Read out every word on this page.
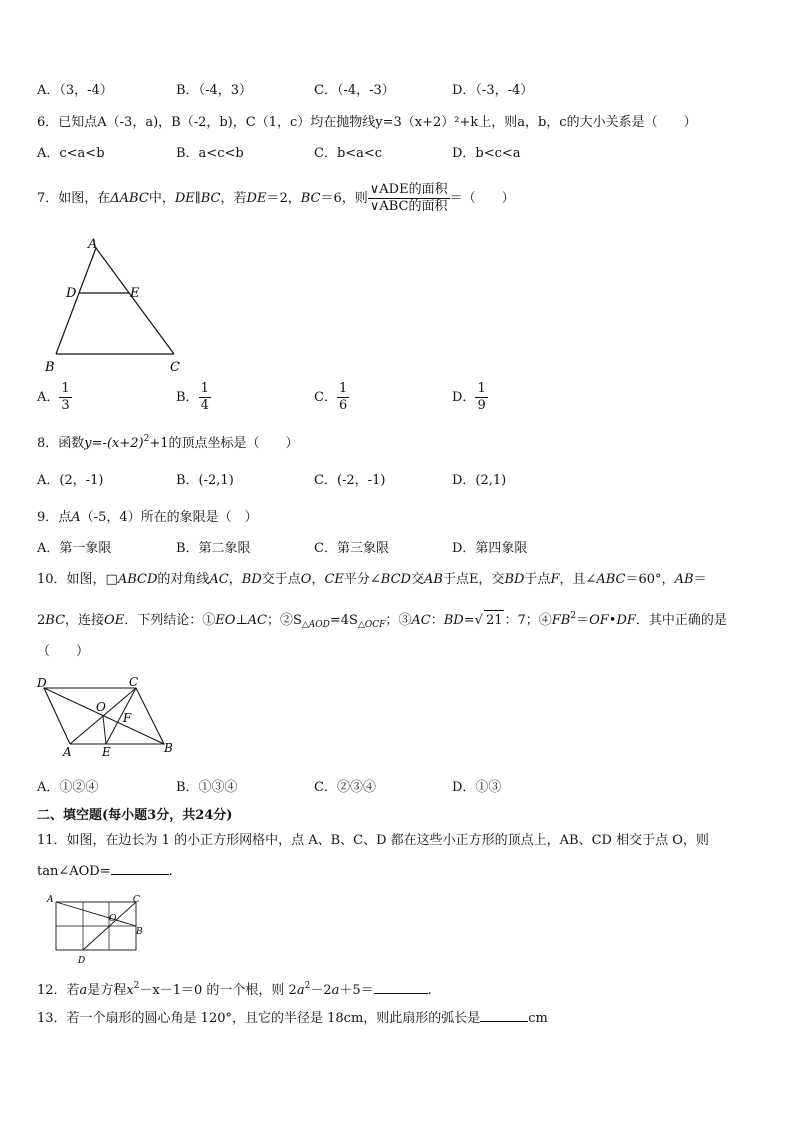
A．（3，-4）	B．（-4，3）	C．（-4，-3）	D．（-3，-4）
6．已知点A（-3，a)，B（-2，b)，C（1，c）均在抛物线y=3（x+2）²+k上，则a，b，c的大小关系是（　　）
A．c<a<b	B．a<c<b	C．b<a<c	D．b<c<a
7．如图，在ΔABC中，DE∥BC，若DE＝2，BC＝6，则 $\frac{\text{∨ADE的面积}}{\text{∨ABC的面积}}$ ＝（　　）
A
D	E
B	C
A． $\frac{1}{3}$	B． $\frac{1}{4}$	C． $\frac{1}{6}$	D． $\frac{1}{9}$
8．函数$y=-(x+2)^2+1$的顶点坐标是（　　）
A．(2，-1)	B．(-2,1)	C．(-2，-1)	D．(2,1)
9．点A（-5，4）所在的象限是（　）
A．第一象限	B．第二象限	C．第三象限	D．第四象限
10．如图，□ABCD的对角线AC，BD交于点O，CE平分∠BCD交AB于点E，交BD于点F，且∠ABC＝60°，AB＝
2BC，连接OE．下列结论：①EO⊥AC；$②S_{\triangle AOD}=4S_{\triangle OCF}$；③AC：BD=√ 21 ：7；$④FB^2=OF•DF$．其中正确的是
（　　）
D	C
O
F
A	E	B
A．①②④	B．①③④	C．②③④	D．①③
二、填空题(每小题3分，共24分)
11．如图，在边长为 1 的小正方形网格中，点 A、B、C、D 都在这些小正方形的顶点上，AB、CD 相交于点 O，则
tan∠AOD=	.
A	C
O
B
D
12．若a是方程$x^2-x-1=0$ 的一个根，则 $2a^2-2a+5=$	.
13．若一个扇形的圆心角是 120°，且它的半径是 18cm，则此扇形的弧长是	cm
